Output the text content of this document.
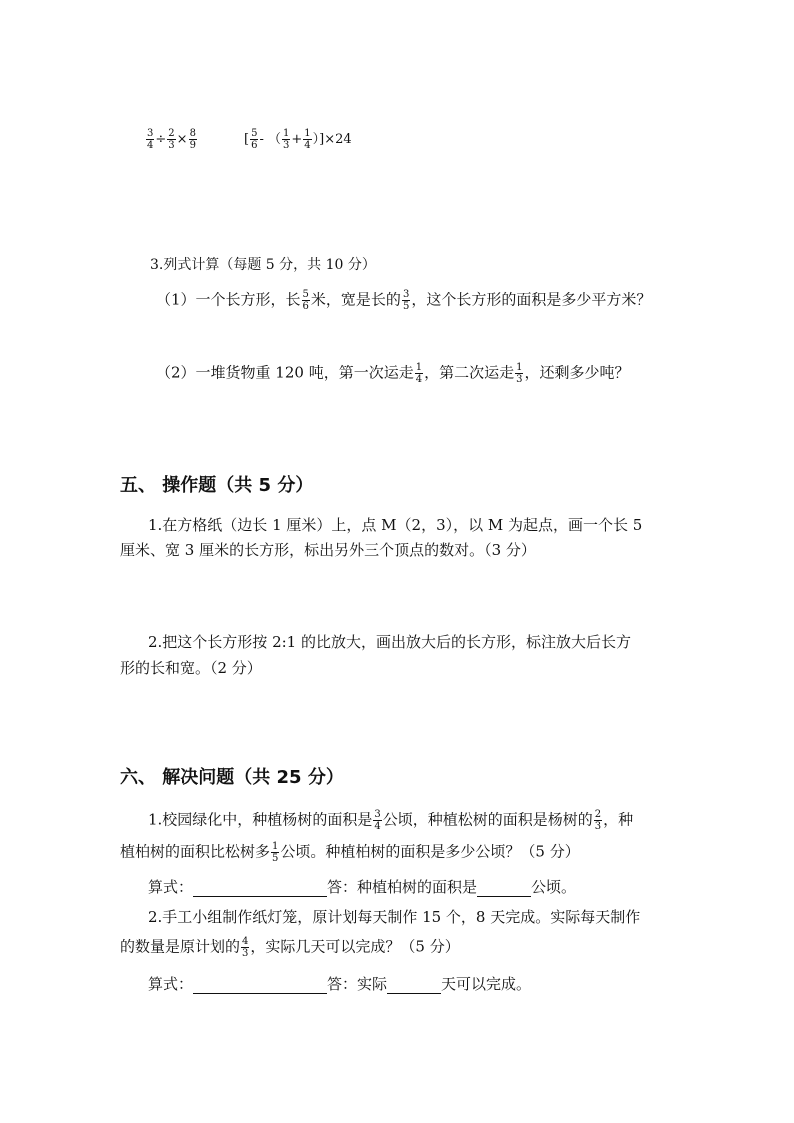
$\frac{3}{4} \div \frac{2}{3} \times \frac{8}{9}$	[ $\frac{5}{6}$ - （ $\frac{1}{3} + \frac{1}{4} )]\times 24$
3.列式计算（每题 5 分，共 10 分）
（1）一个长方形，长 $\frac{5}{6}$ 米，宽是长的 $\frac{3}{5}$ ，这个长方形的面积是多少平方米？
（2）一堆货物重 120 吨，第一次运走 $\frac{1}{4}$ ，第二次运走 $\frac{1}{3}$ ，还剩多少吨？
五、 操作题（共 5 分）
1.在方格纸（边长 1 厘米）上，点 M（2，3），以 M 为起点，画一个长 5
厘米、宽 3 厘米的长方形，标出另外三个顶点的数对。（3 分）
2.把这个长方形按 2:1 的比放大，画出放大后的长方形，标注放大后长方
形的长和宽。（2 分）
六、 解决问题（共 25 分）
1.校园绿化中，种植杨树的面积是 $\frac{3}{4}$ 公顷，种植松树的面积是杨树的 $\frac{2}{3}$ ，种
植柏树的面积比松树多 $\frac{1}{5}$ 公顷。种植柏树的面积是多少公顷？（5 分）
算式：	答：种植柏树的面积是	公顷。
2.手工小组制作纸灯笼，原计划每天制作 15 个，8 天完成。实际每天制作
的数量是原计划的 $\frac{4}{3}$ ，实际几天可以完成？（5 分）
算式：	答：实际	天可以完成。
